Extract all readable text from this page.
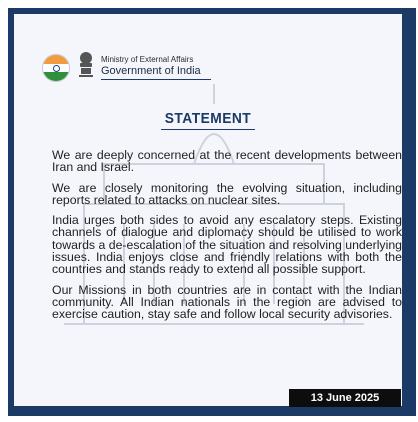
Ministry of External Affairs
Government of India
STATEMENT

We are deeply concerned at the recent developments between Iran and Israel.

We are closely monitoring the evolving situation, including reports related to attacks on nuclear sites.

India urges both sides to avoid any escalatory steps. Existing channels of dialogue and diplomacy should be utilised to work towards a de-escalation of the situation and resolving underlying issues. India enjoys close and friendly relations with both the countries and stands ready to extend all possible support.

Our Missions in both countries are in contact with the Indian community. All Indian nationals in the region are advised to exercise caution, stay safe and follow local security advisories.

13 June 2025
